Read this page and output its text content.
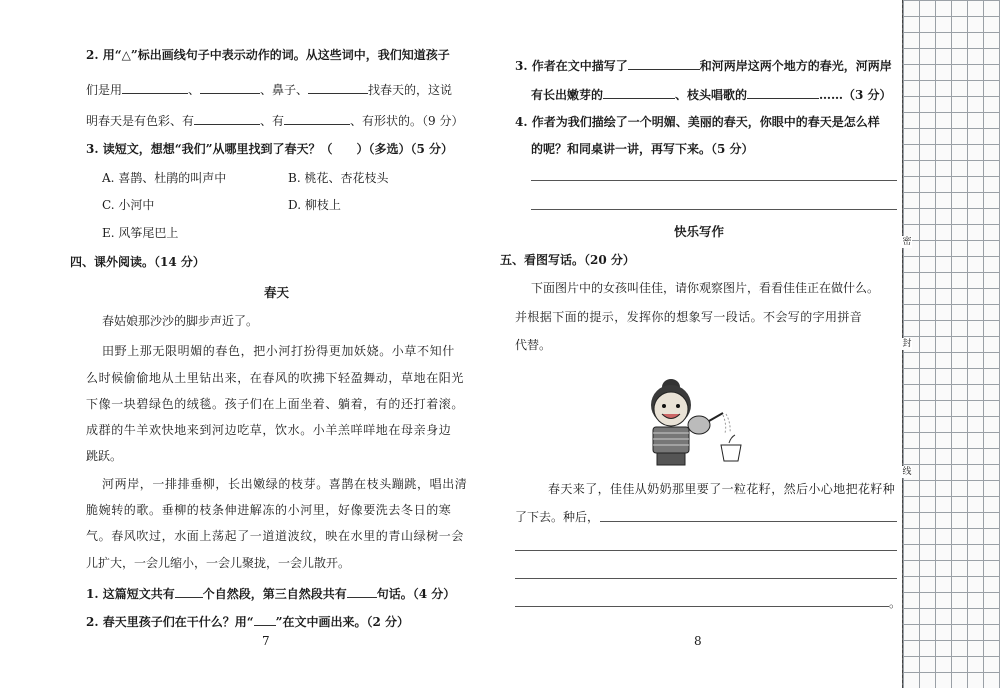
2. 用“△”标出画线句子中表示动作的词。从这些词中，我们知道孩子
们是用	、	、鼻子、	找春天的，这说
明春天是有色彩、有	、有	、有形状的。（9 分）
3. 读短文，想想“我们”从哪里找到了春天？（　　）（多选）（5 分）
A. 喜鹊、杜鹃的叫声中	B. 桃花、杏花枝头
C. 小河中	D. 柳枝上
E. 风筝尾巴上
四、课外阅读。（14 分）
春天
春姑娘那沙沙的脚步声近了。
田野上那无限明媚的春色，把小河打扮得更加妖娆。小草不知什
么时候偷偷地从土里钻出来，在春风的吹拂下轻盈舞动，草地在阳光
下像一块碧绿色的绒毯。孩子们在上面坐着、躺着，有的还打着滚。
成群的牛羊欢快地来到河边吃草，饮水。小羊羔咩咩地在母亲身边
跳跃。
河两岸，一排排垂柳，长出嫩绿的枝芽。喜鹊在枝头蹦跳，唱出清
脆婉转的歌。垂柳的枝条伸进解冻的小河里，好像要洗去冬日的寒
气。春风吹过，水面上荡起了一道道波纹，映在水里的青山绿树一会
儿扩大，一会儿缩小，一会儿聚拢，一会儿散开。
1. 这篇短文共有 个自然段，第三自然段共有	句话。（4 分）
2. 春天里孩子们在干什么？用“ ”在文中画出来。（2 分）
7
3. 作者在文中描写了	和河两岸这两个地方的春光，河两岸
有长出嫩芽的	、枝头唱歌的	……（3 分）
4. 作者为我们描绘了一个明媚、美丽的春天，你眼中的春天是怎么样
的呢？和同桌讲一讲，再写下来。（5 分）
快乐写作
五、看图写话。（20 分）
下面图片中的女孩叫佳佳，请你观察图片，看看佳佳正在做什么。
并根据下面的提示，发挥你的想象写一段话。不会写的字用拼音
代替。
春天来了，佳佳从奶奶那里要了一粒花籽，然后小心地把花籽种
了下去。种后，
。
8
密
封
线
